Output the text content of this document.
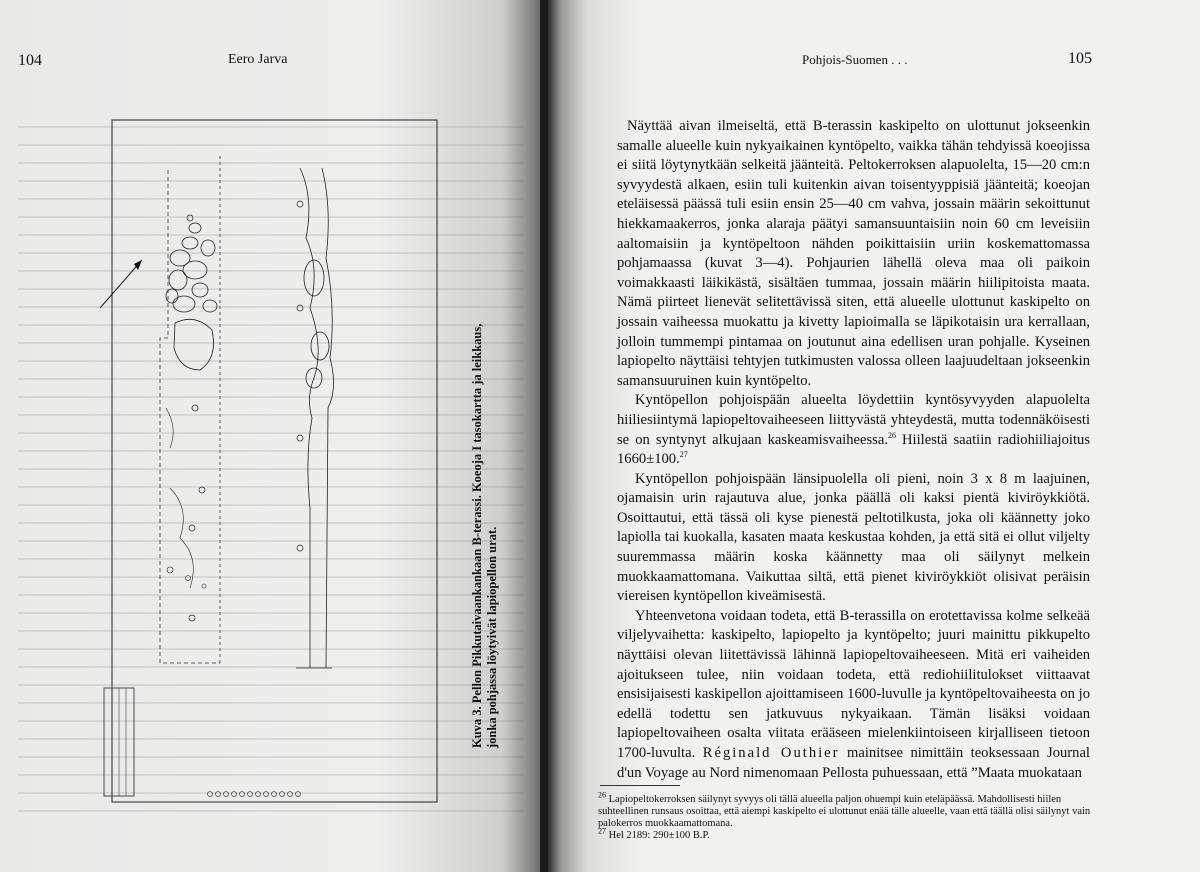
104	Eero Jarva
Kuva 3. Pellon Pikkutaivaankankaan B-terassi. Koeoja I tasokartta ja leikkaus, jonka pohjassa löytyivät lapiopellon urat.
Pohjois-Suomen . . .	105

Näyttää aivan ilmeiseltä, että B-terassin kaskipelto on ulottunut jokseenkin samalle alueelle kuin nykyaikainen kyntöpelto, vaikka tähän tehdyissä koeojissa ei siitä löytynytkään selkeitä jäänteitä. Peltokerroksen alapuolelta, 15—20 cm:n syvyydestä alkaen, esiin tuli kuitenkin aivan toisentyyppisiä jäänteitä; koeojan eteläisessä päässä tuli esiin ensin 25—40 cm vahva, jossain määrin sekoittunut hiekkamaakerros, jonka alaraja päätyi samansuuntaisiin noin 60 cm leveisiin aaltomaisiin ja kyntöpeltoon nähden poikittaisiin uriin koskemattomassa pohjamaassa (kuvat 3—4). Pohjaurien lähellä oleva maa oli paikoin voimakkaasti läikikästä, sisältäen tummaa, jossain määrin hiilipitoista maata. Nämä piirteet lienevät selitettävissä siten, että alueelle ulottunut kaskipelto on jossain vaiheessa muokattu ja kivetty lapioimalla se läpikotaisin ura kerrallaan, jolloin tummempi pintamaa on joutunut aina edellisen uran pohjalle. Kyseinen lapiopelto näyttäisi tehtyjen tutkimusten valossa olleen laajuudeltaan jokseenkin samansuuruinen kuin kyntöpelto.

Kyntöpellon pohjoispään alueelta löydettiin kyntösyvyyden alapuolelta hiiliesiintymä lapiopeltovaiheeseen liittyvästä yhteydestä, mutta todennäköisesti se on syntynyt alkujaan kaskeamisvaiheessa.$^{26}$ Hiilestä saatiin radiohiiliajoitus 1660±100.27

Kyntöpellon pohjoispään länsipuolella oli pieni, noin 3 x 8 m laajuinen, ojamaisin urin rajautuva alue, jonka päällä oli kaksi pientä kiviröykkiötä. Osoittautui, että tässä oli kyse pienestä peltotilkusta, joka oli käännetty joko lapiolla tai kuokalla, kasaten maata keskustaa kohden, ja että sitä ei ollut viljelty suuremmassa määrin koska käännetty maa oli säilynyt melkein muokkaamattomana. Vaikuttaa siltä, että pienet kiviröykkiöt olisivat peräisin viereisen kyntöpellon kiveämisestä.

Yhteenvetona voidaan todeta, että B-terassilla on erotettavissa kolme selkeää viljelyvaihetta: kaskipelto, lapiopelto ja kyntöpelto; juuri mainittu pikkupelto näyttäisi olevan liitettävissä lähinnä lapiopeltovaiheeseen. Mitä eri vaiheiden ajoitukseen tulee, niin voidaan todeta, että rediohiilitulokset viittaavat ensisijaisesti kaskipellon ajoittamiseen 1600-luvulle ja kyntöpeltovaiheesta on jo edellä todettu sen jatkuvuus nykyaikaan. Tämän lisäksi voidaan lapiopeltovaiheen osalta viitata erääseen mielenkiintoiseen kirjalliseen tietoon 1700-luvulta. Réginald Outhier mainitsee nimittäin teoksessaan Journal d'un Voyage au Nord nimenomaan Pellosta puhuessaan, että ”Maata muokataan

$^{26}$ Lapiopeltokerroksen säilynyt syvyys oli tällä alueella paljon ohuempi kuin eteläpäässä. Mahdollisesti hiilen suhteellinen runsaus osoittaa, että aiempi kaskipelto ei ulottunut enää tälle alueelle, vaan että täällä olisi säilynyt vain palokerros muokkaamattomana.

$^{27}$ Hel 2189: 290±100 B.P.
